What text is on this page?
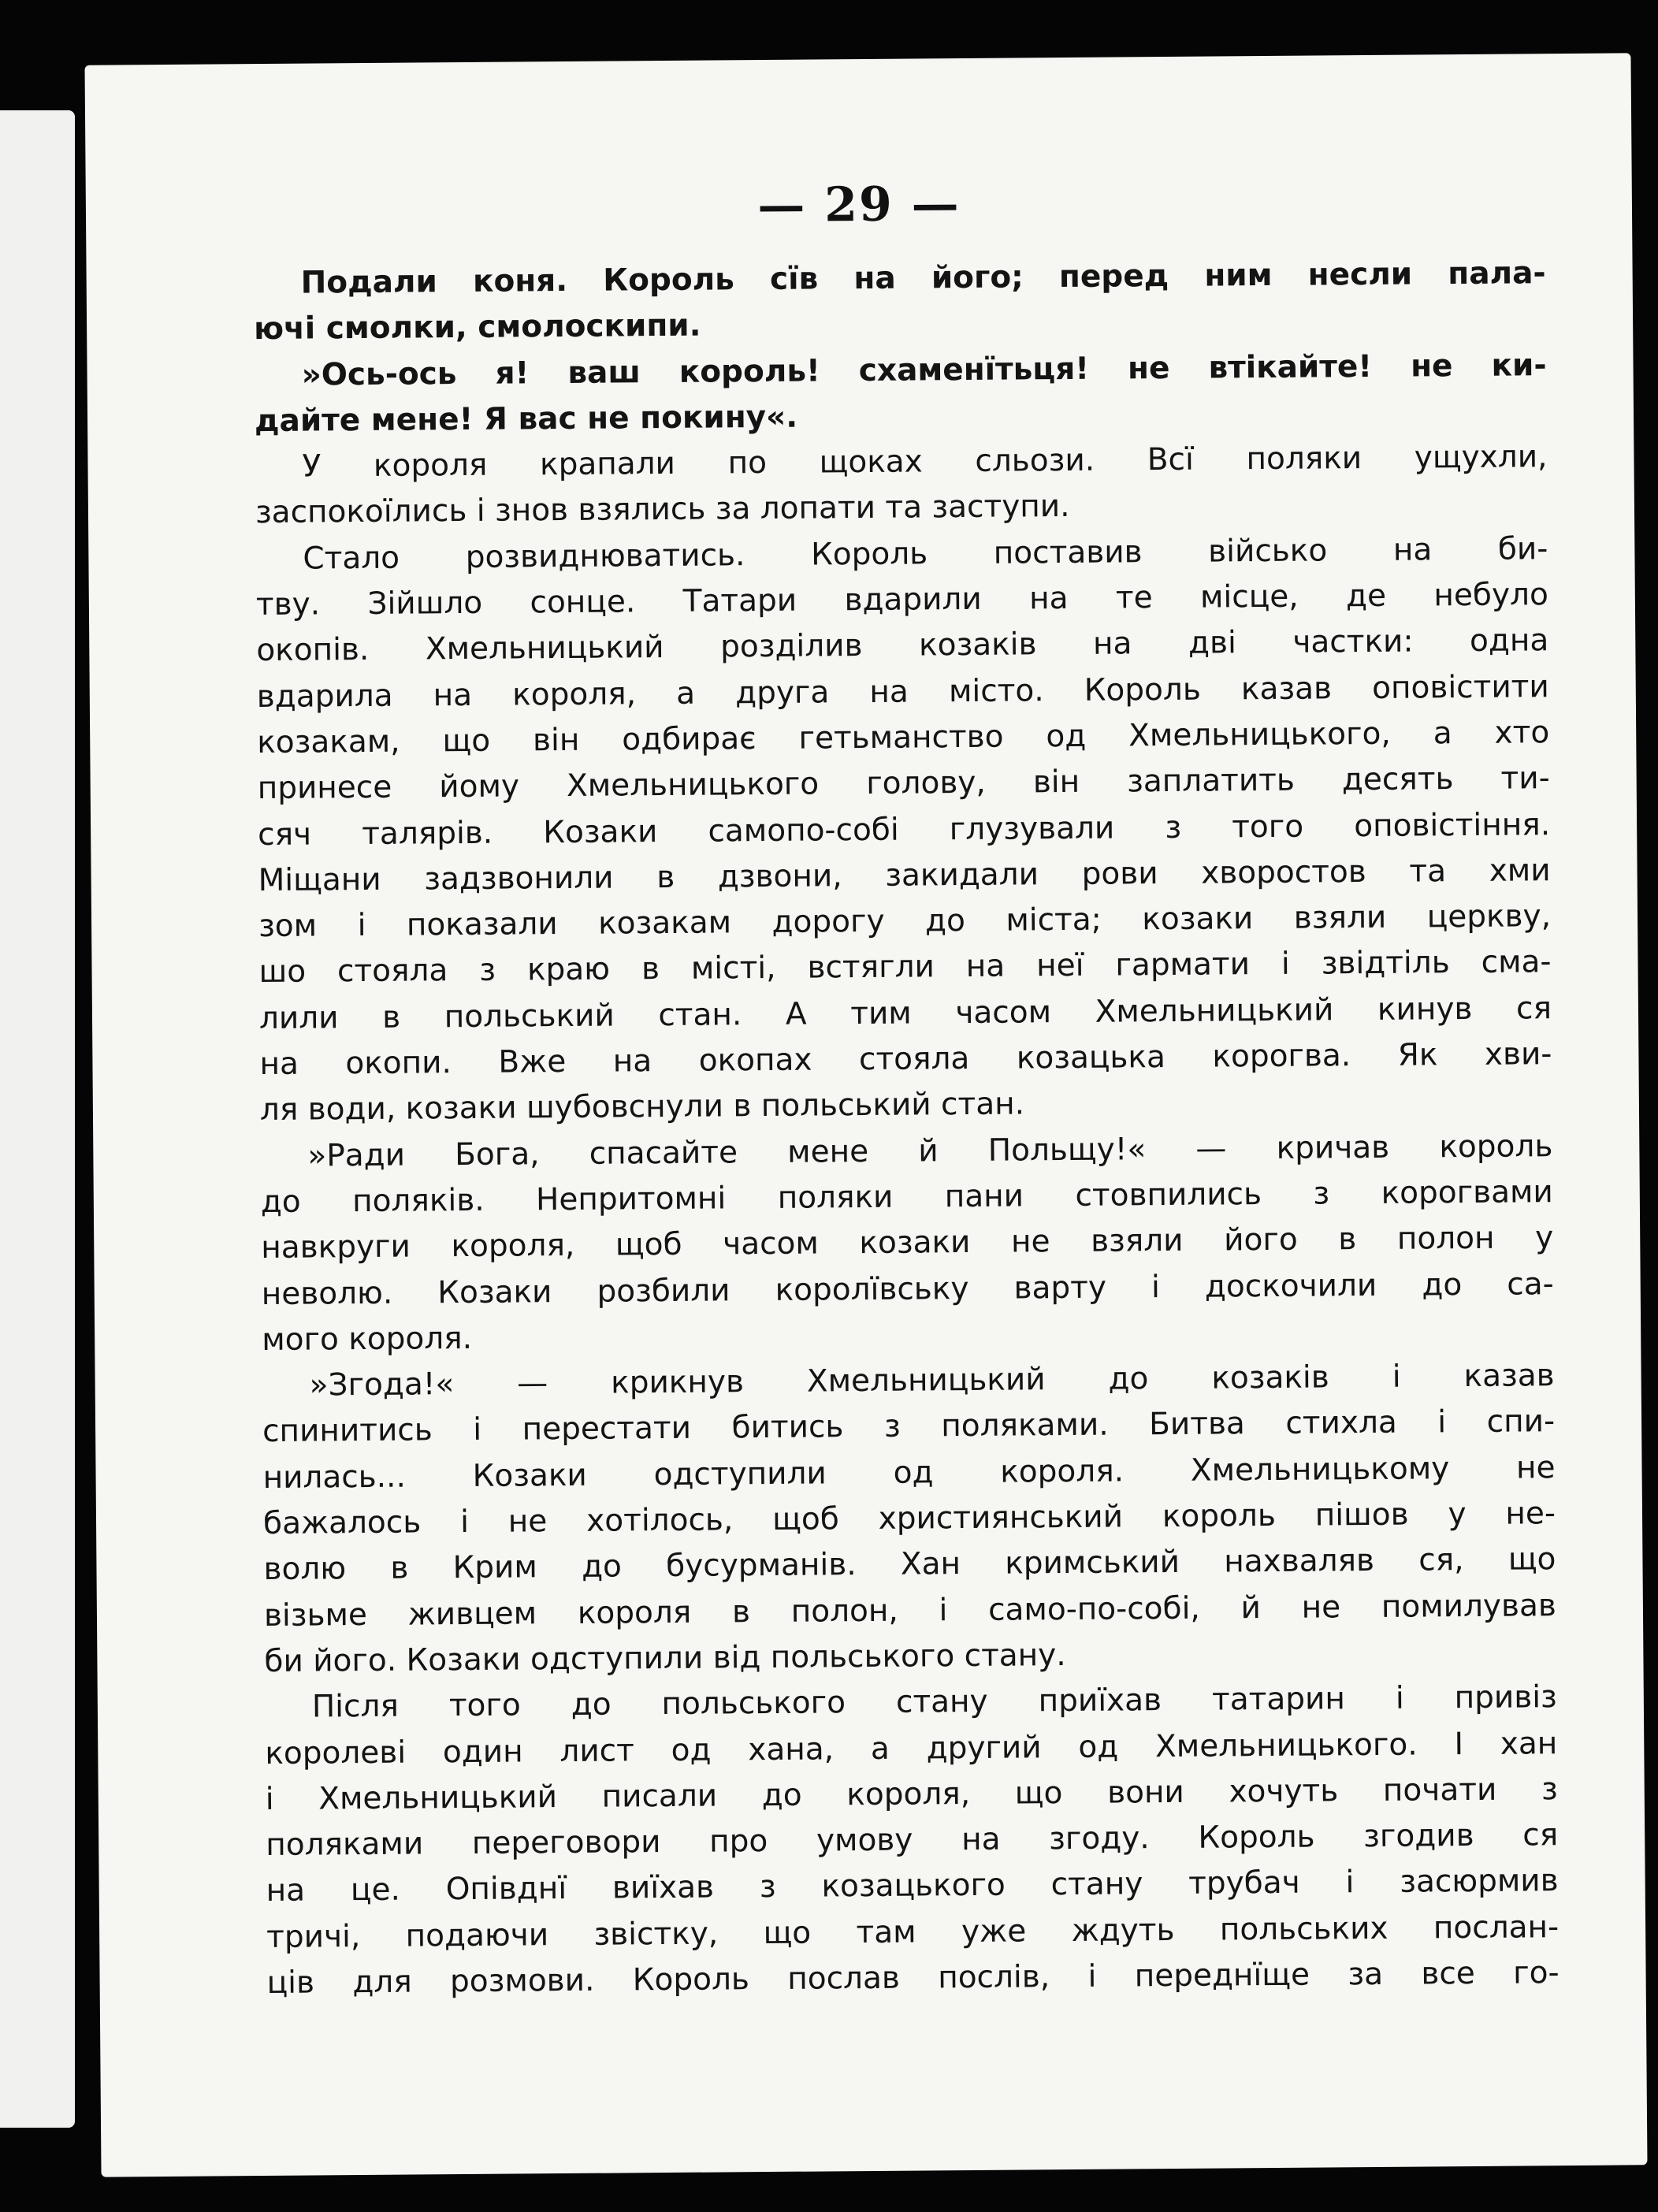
— 29 —
Подали коня. Король сїв на його; перед ним несли пала-
ючі смолки, смолоскипи.
»Ось-ось я! ваш король! схаменїтьця! не втікайте! не ки-
дайте мене! Я вас не покину«.
У короля крапали по щоках сльози. Всї поляки ущухли,
заспокоїлись і знов взялись за лопати та заступи.
Стало розвиднюватись. Король поставив військо на би-
тву. Зійшло сонце. Татари вдарили на те місце, де небуло
окопів. Хмельницький розділив козаків на дві частки: одна
вдарила на короля, а друга на місто. Король казав оповістити
козакам, що він одбирає гетьманство од Хмельницького, а хто
принесе йому Хмельницького голову, він заплатить десять ти-
сяч талярів. Козаки самопо-собі глузували з того оповістіння.
Міщани задзвонили в дзвони, закидали рови хворостов та хми
зом і показали козакам дорогу до міста; козаки взяли церкву,
шо стояла з краю в місті, встягли на неї гармати і звідтіль сма-
лили в польський стан. А тим часом Хмельницький кинув ся
на окопи. Вже на окопах стояла козацька корогва. Як хви-
ля води, козаки шубовснули в польський стан.
»Ради Бога, спасайте мене й Польщу!« — кричав король
до поляків. Непритомні поляки пани стовпились з корогвами
навкруги короля, щоб часом козаки не взяли його в полон у
неволю. Козаки розбили королївську варту і доскочили до са-
мого короля.
»Згода!« — крикнув Хмельницький до козаків і казав
спинитись і перестати битись з поляками. Битва стихла і спи-
нилась... Козаки одступили од короля. Хмельницькому не
бажалось і не хотілось, щоб християнський король пішов у не-
волю в Крим до бусурманів. Хан кримський нахваляв ся, що
візьме живцем короля в полон, і само-по-собі, й не помилував
би його. Козаки одступили від польського стану.
Після того до польського стану приїхав татарин і привіз
королеві один лист од хана, а другий од Хмельницького. І хан
і Хмельницький писали до короля, що вони хочуть почати з
поляками переговори про умову на згоду. Король згодив ся
на це. Опівднї виїхав з козацького стану трубач і засюрмив
тричі, подаючи звістку, що там уже ждуть польських послан-
ців для розмови. Король послав послів, і переднїще за все го-
